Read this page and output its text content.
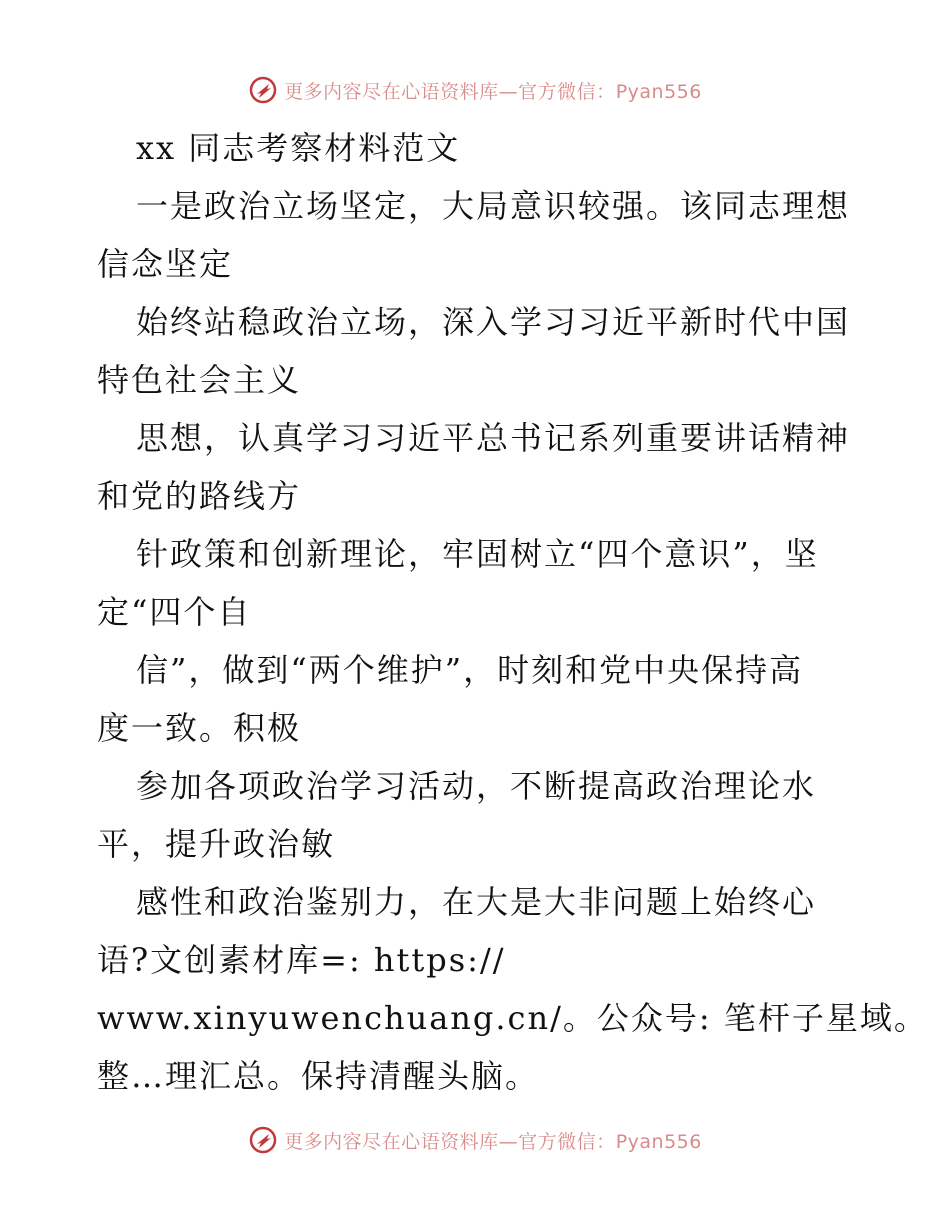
更多内容尽在心语资料库—官方微信：Pyan556
xx 同志考察材料范文
一是政治立场坚定，大局意识较强。该同志理想
信念坚定
始终站稳政治立场，深入学习习近平新时代中国
特色社会主义
思想，认真学习习近平总书记系列重要讲话精神
和党的路线方
针政策和创新理论，牢固树立“四个意识”，坚
定“四个自
信”，做到“两个维护”，时刻和党中央保持高
度一致。积极
参加各项政治学习活动，不断提高政治理论水
平，提升政治敏
感性和政治鉴别力，在大是大非问题上始终心
语?文创素材库=: https://
www.xinyuwenchuang.cn/。公众号: 笔杆子星域。
整…理汇总。保持清醒头脑。
更多内容尽在心语资料库—官方微信：Pyan556
